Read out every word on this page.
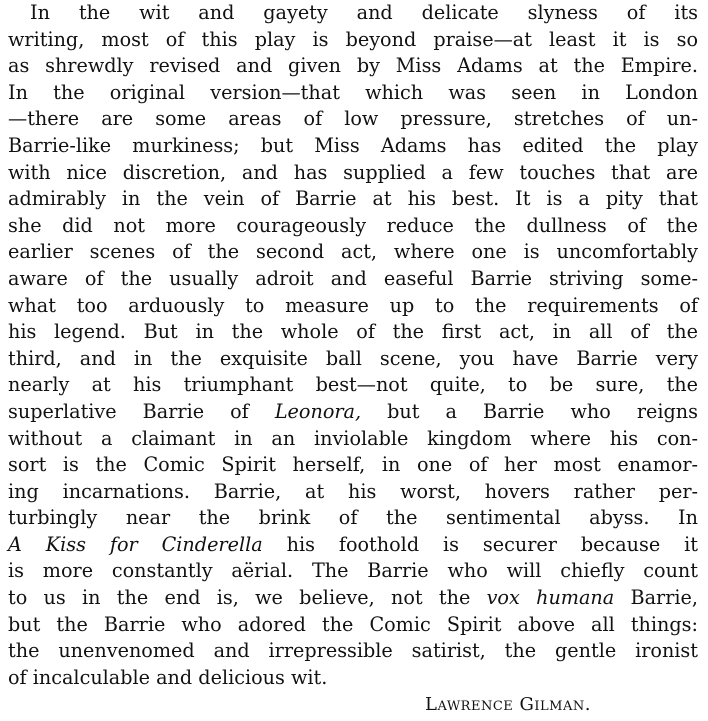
In the wit and gayety and delicate slyness of its
writing, most of this play is beyond praise—at least it is so
as shrewdly revised and given by Miss Adams at the Empire.
In the original version—that which was seen in London
—there are some areas of low pressure, stretches of un-
Barrie-like murkiness; but Miss Adams has edited the play
with nice discretion, and has supplied a few touches that are
admirably in the vein of Barrie at his best. It is a pity that
she did not more courageously reduce the dullness of the
earlier scenes of the second act, where one is uncomfortably
aware of the usually adroit and easeful Barrie striving some-
what too arduously to measure up to the requirements of
his legend. But in the whole of the first act, in all of the
third, and in the exquisite ball scene, you have Barrie very
nearly at his triumphant best—not quite, to be sure, the
superlative Barrie of Leonora, but a Barrie who reigns
without a claimant in an inviolable kingdom where his con-
sort is the Comic Spirit herself, in one of her most enamor-
ing incarnations. Barrie, at his worst, hovers rather per-
turbingly near the brink of the sentimental abyss. In
A Kiss for Cinderella his foothold is securer because it
is more constantly aërial. The Barrie who will chiefly count
to us in the end is, we believe, not the vox humana Barrie,
but the Barrie who adored the Comic Spirit above all things:
the unenvenomed and irrepressible satirist, the gentle ironist
of incalculable and delicious wit.
Lawrence Gilman.
